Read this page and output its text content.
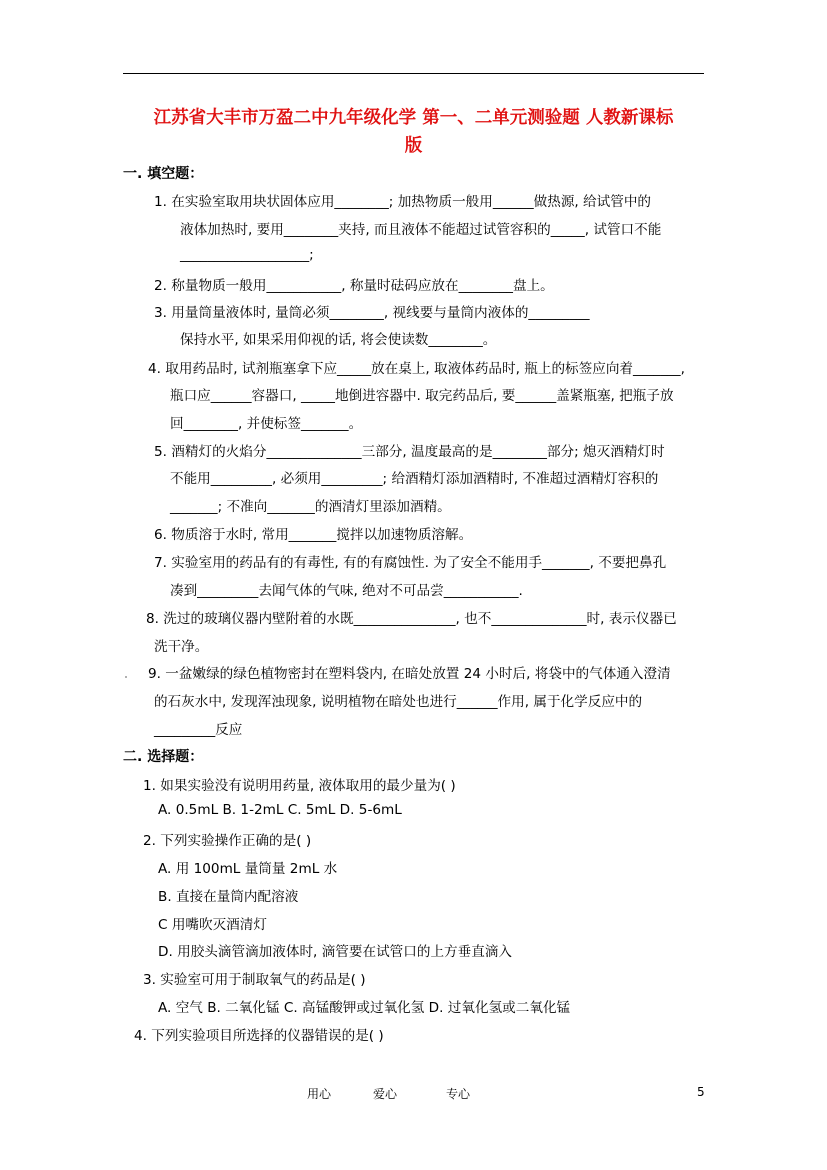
江苏省大丰市万盈二中九年级化学 第一、二单元测验题 人教新课标
版
一. 填空题：
1. 在实验室取用块状固体应用________; 加热物质一般用______做热源, 给试管中的
液体加热时, 要用________夹持, 而且液体不能超过试管容积的_____, 试管口不能
___________________;
2. 称量物质一般用___________, 称量时砝码应放在________盘上。
3. 用量筒量液体时, 量筒必须________, 视线要与量筒内液体的_________
保持水平, 如果采用仰视的话, 将会使读数________。
4. 取用药品时, 试剂瓶塞拿下应_____放在桌上, 取液体药品时, 瓶上的标签应向着_______,
瓶口应______容器口, _____地倒进容器中. 取完药品后, 要______盖紧瓶塞, 把瓶子放
回________, 并使标签_______。
5. 酒精灯的火焰分______________三部分, 温度最高的是________部分; 熄灭酒精灯时
不能用_________, 必须用_________; 给酒精灯添加酒精时, 不准超过酒精灯容积的
_______; 不准向_______的酒清灯里添加酒精。
6. 物质溶于水时, 常用_______搅拌以加速物质溶解。
7. 实验室用的药品有的有毒性, 有的有腐蚀性. 为了安全不能用手_______, 不要把鼻孔
凑到_________去闻气体的气味, 绝对不可品尝___________.
8. 洗过的玻璃仪器内壁附着的水既_______________, 也不______________时, 表示仪器已
洗干净。
9. 一盆嫩绿的绿色植物密封在塑料袋内, 在暗处放置 24 小时后, 将袋中的气体通入澄清
的石灰水中, 发现浑浊现象, 说明植物在暗处也进行______作用, 属于化学反应中的
_________反应
二. 选择题：
1. 如果实验没有说明用药量, 液体取用的最少量为( )
A. 0.5mL B. 1-2mL C. 5mL D. 5-6mL
2. 下列实验操作正确的是( )
A. 用 100mL 量筒量 2mL 水
B. 直接在量筒内配溶液
C 用嘴吹灭酒清灯
D. 用胶头滴管滴加液体时, 滴管要在试管口的上方垂直滴入
3. 实验室可用于制取氧气的药品是( )
A. 空气 B. 二氧化锰 C. 高锰酸钾或过氧化氢 D. 过氧化氢或二氧化锰
4. 下列实验项目所选择的仪器错误的是( )
用心	爱心	专心	5
